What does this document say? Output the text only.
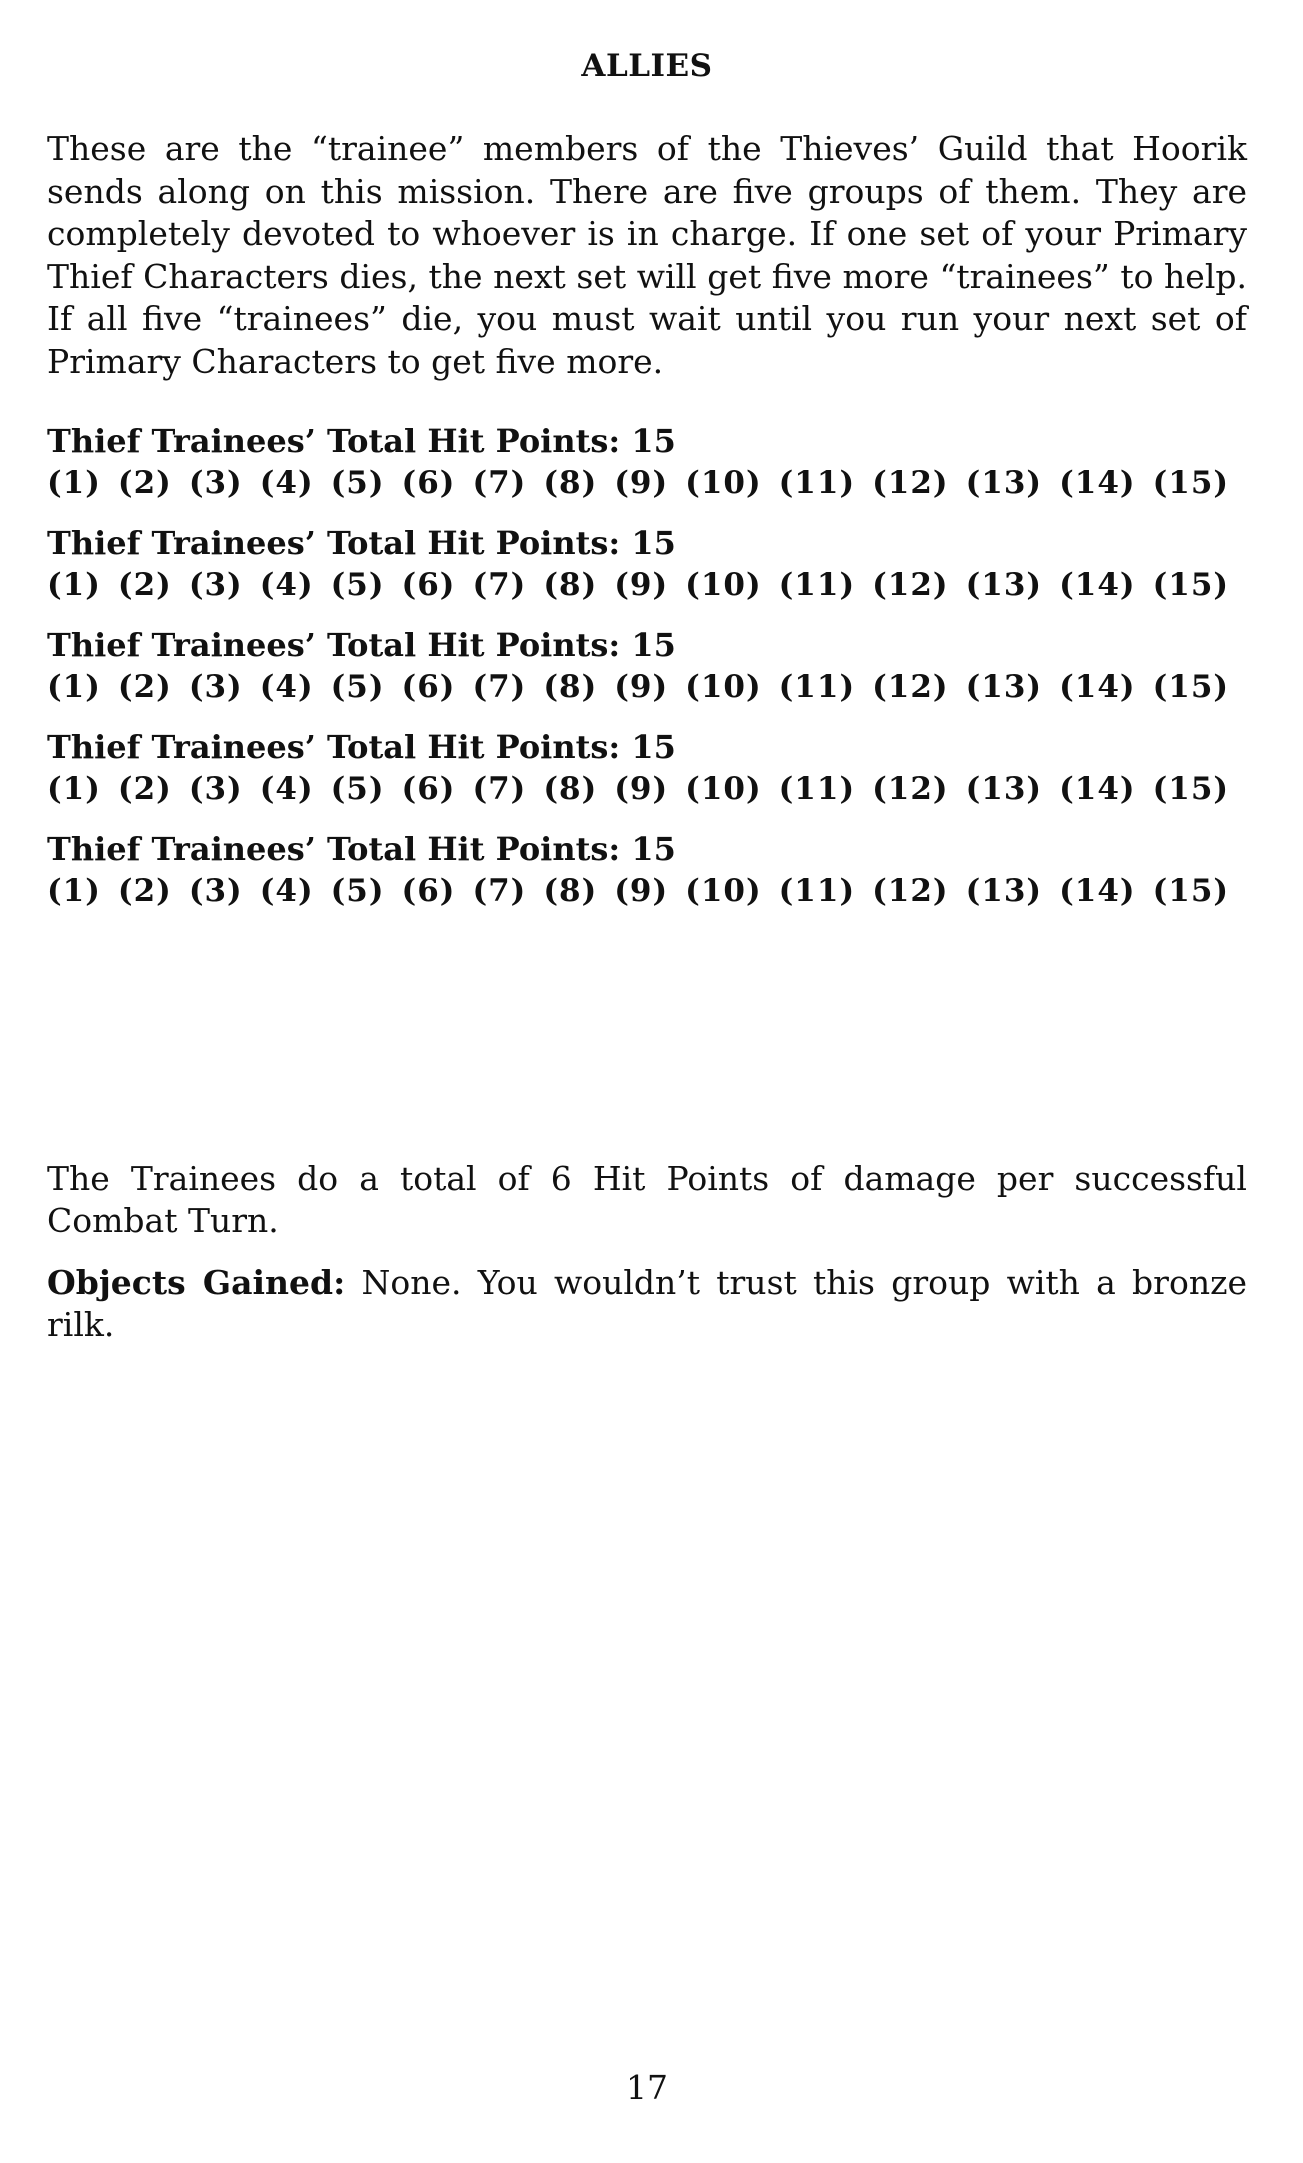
ALLIES

These are the “trainee” members of the Thieves’ Guild that Hoorik sends along on this mission. There are five groups of them. They are completely devoted to whoever is in charge. If one set of your Primary Thief Characters dies, the next set will get five more “trainees” to help. If all five “trainees” die, you must wait until you run your next set of Primary Characters to get five more.

Thief Trainees’ Total Hit Points: 15
(1) (2) (3) (4) (5) (6) (7) (8) (9) (10) (11) (12) (13) (14) (15)
Thief Trainees’ Total Hit Points: 15
(1) (2) (3) (4) (5) (6) (7) (8) (9) (10) (11) (12) (13) (14) (15)
Thief Trainees’ Total Hit Points: 15
(1) (2) (3) (4) (5) (6) (7) (8) (9) (10) (11) (12) (13) (14) (15)
Thief Trainees’ Total Hit Points: 15
(1) (2) (3) (4) (5) (6) (7) (8) (9) (10) (11) (12) (13) (14) (15)
Thief Trainees’ Total Hit Points: 15
(1) (2) (3) (4) (5) (6) (7) (8) (9) (10) (11) (12) (13) (14) (15)

The Trainees do a total of 6 Hit Points of damage per successful Combat Turn.

Objects Gained: None. You wouldn’t trust this group with a bronze rilk.

17
